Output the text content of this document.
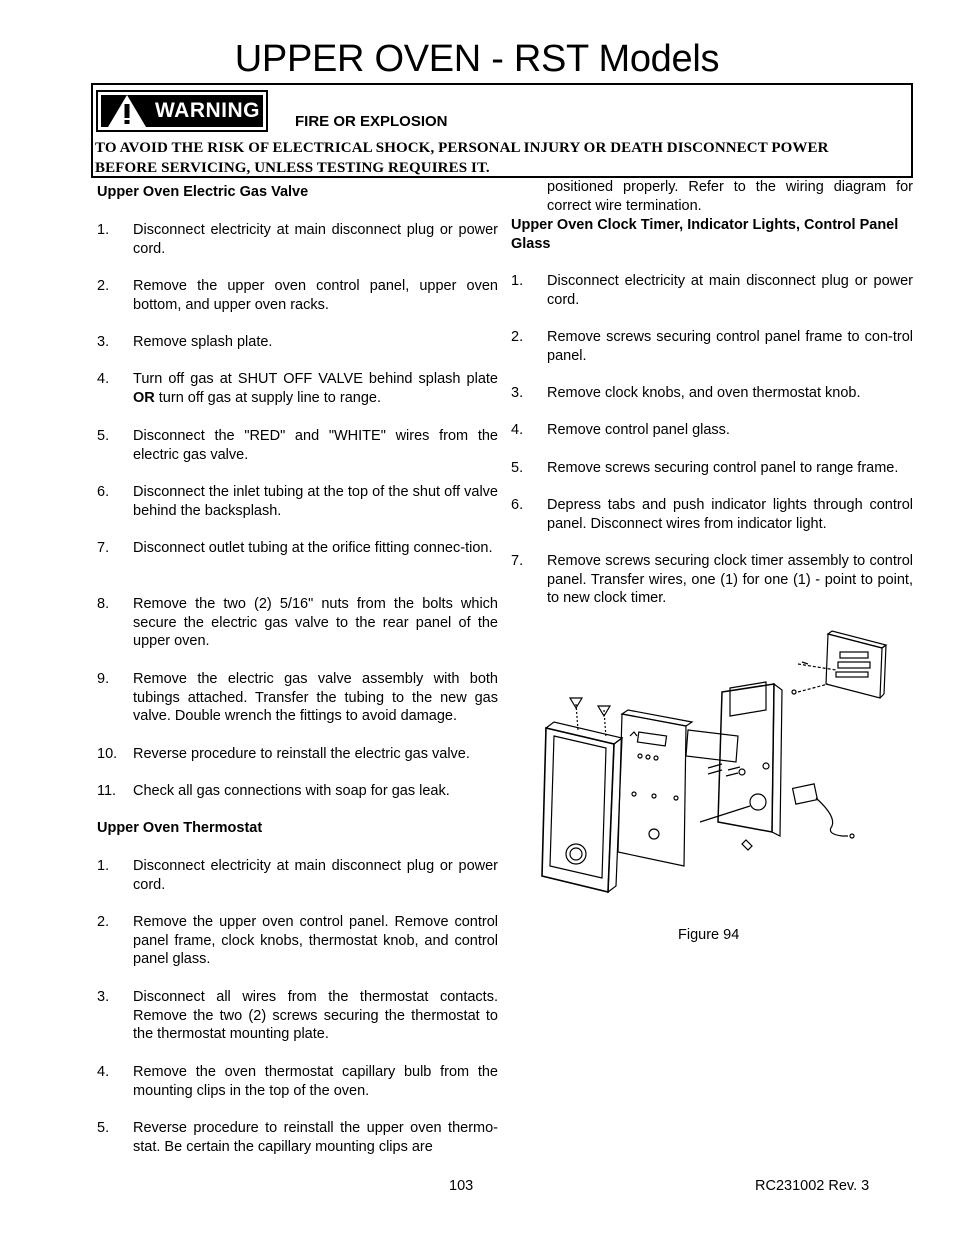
UPPER OVEN - RST Models
WARNING FIRE OR EXPLOSION
TO AVOID THE RISK OF ELECTRICAL SHOCK, PERSONAL INJURY OR DEATH DISCONNECT POWER
BEFORE SERVICING, UNLESS TESTING REQUIRES IT.
Upper Oven Electric Gas Valve
1. Disconnect electricity at main disconnect plug or power cord.
2. Remove the upper oven control panel, upper oven bottom, and upper oven racks.
3. Remove splash plate.
4. Turn off gas at SHUT OFF VALVE behind splash plate OR turn off gas at supply line to range.
5. Disconnect the "RED" and "WHITE" wires from the electric gas valve.
6. Disconnect the inlet tubing at the top of the shut off valve behind the backsplash.
7. Disconnect outlet tubing at the orifice fitting connec-tion.
8. Remove the two (2) 5/16" nuts from the bolts which secure the electric gas valve to the rear panel of the upper oven.
9. Remove the electric gas valve assembly with both tubings attached. Transfer the tubing to the new gas valve. Double wrench the fittings to avoid damage.
10. Reverse procedure to reinstall the electric gas valve.
11. Check all gas connections with soap for gas leak.
Upper Oven Thermostat
1. Disconnect electricity at main disconnect plug or power cord.
2. Remove the upper oven control panel. Remove control panel frame, clock knobs, thermostat knob, and control panel glass.
3. Disconnect all wires from the thermostat contacts. Remove the two (2) screws securing the thermostat to the thermostat mounting plate.
4. Remove the oven thermostat capillary bulb from the mounting clips in the top of the oven.
5. Reverse procedure to reinstall the upper oven thermo-stat. Be certain the capillary mounting clips are
positioned properly. Refer to the wiring diagram for correct wire termination.
Upper Oven Clock Timer, Indicator Lights, Control Panel Glass
1. Disconnect electricity at main disconnect plug or power cord.
2. Remove screws securing control panel frame to con-trol panel.
3. Remove clock knobs, and oven thermostat knob.
4. Remove control panel glass.
5. Remove screws securing control panel to range frame.
6. Depress tabs and push indicator lights through control panel. Disconnect wires from indicator light.
7. Remove screws securing clock timer assembly to control panel. Transfer wires, one (1) for one (1) - point to point, to new clock timer.
Figure 94
103	RC231002 Rev. 3
